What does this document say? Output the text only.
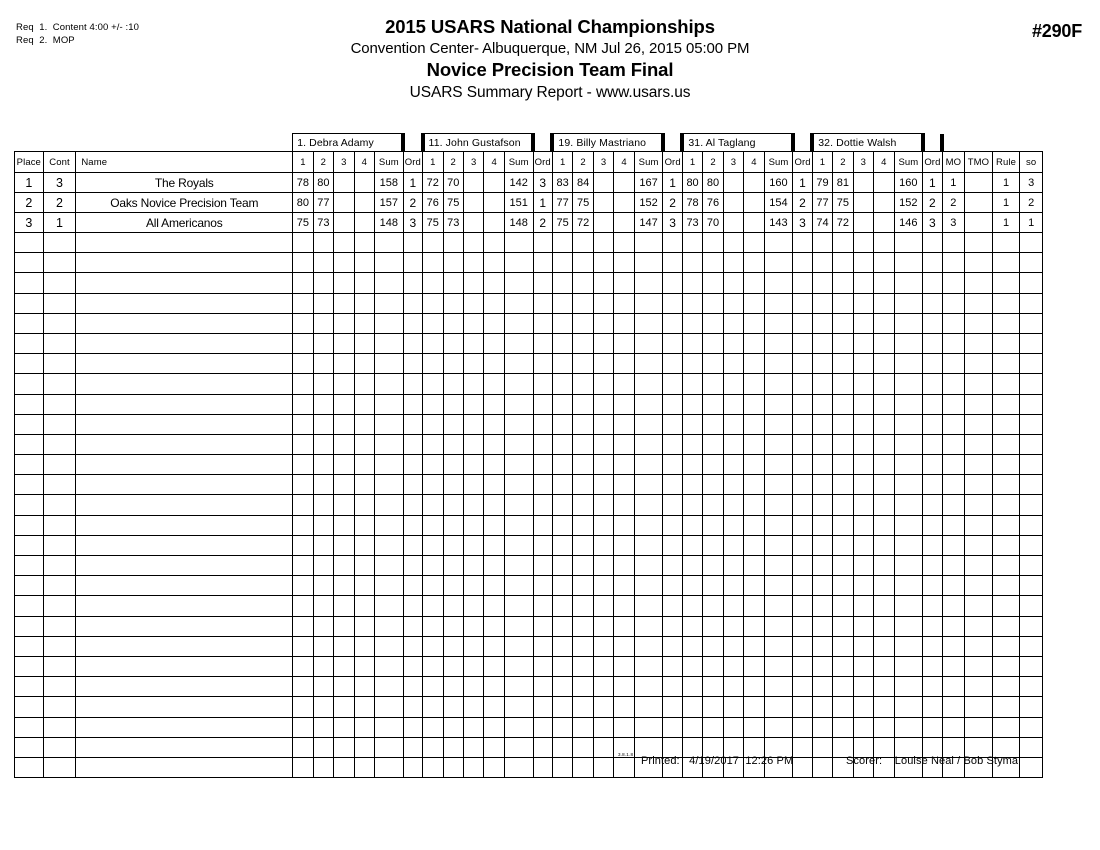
Req  1.  Content 4:00 +/- :10
Req  2.  MOP	#290F
2015 USARS National Championships
Convention Center- Albuquerque, NM Jul 26, 2015 05:00 PM
Novice Precision Team Final
USARS Summary Report - www.usars.us
			1. Debra Adamy						11. John Gustafson						19. Billy Mastriano						31. Al Taglang						32. Dottie Walsh									
Place	Cont	Name	1	2	3	4	Sum	Ord	1	2	3	4	Sum	Ord	1	2	3	4	Sum	Ord	1	2	3	4	Sum	Ord	1	2	3	4	Sum	Ord	MO	TMO	Rule	so
1	3	The Royals	78	80			158	1	72	70			142	3	83	84			167	1	80	80			160	1	79	81			160	1	1		1	3
2	2	Oaks Novice Precision Team	80	77			157	2	76	75			151	1	77	75			152	2	78	76			154	2	77	75			152	2	2		1	2
3	1	All Americanos	75	73			148	3	75	73			148	2	75	72			147	3	73	70			143	3	74	72			146	3	3		1	1

3.8.1.8
Printed:   4/19/2017  12:26 PM	Scorer:    Louise Neal / Bob Styma
